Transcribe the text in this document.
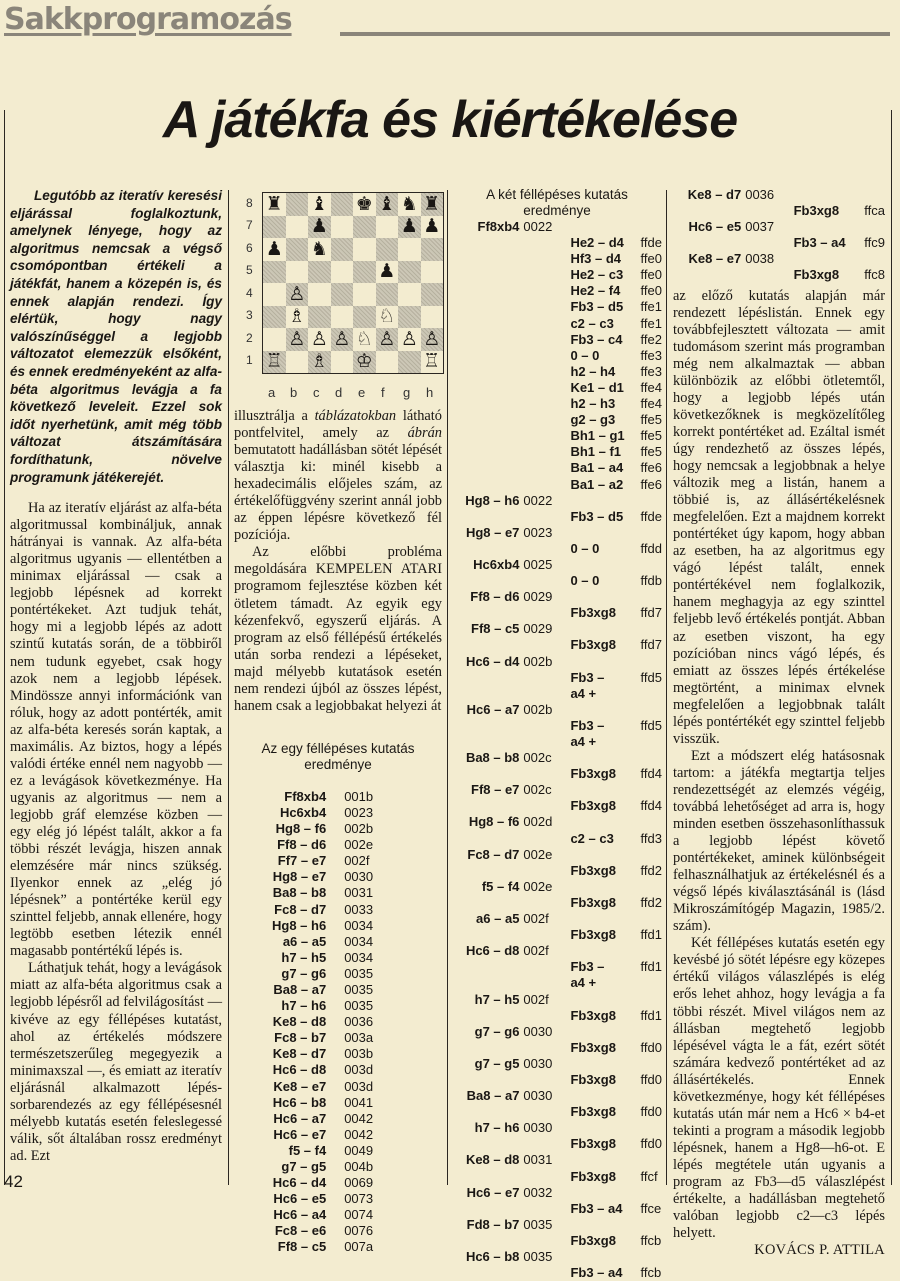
Sakkprogramozás
A játékfa és kiértékelése
Legutóbb az iteratív keresési eljárással foglalkoztunk, amelynek lényege, hogy az algoritmus nemcsak a végső csomópontban értékeli a játékfát, hanem a közepén is, és ennek alapján rendezi. Így elértük, hogy nagy valószínűséggel a legjobb változatot elemezzük elsőként, és ennek eredményeként az alfa-béta algoritmus levágja a fa következő leveleit. Ezzel sok időt nyerhetünk, amit még több változat átszámítására fordíthatunk, növelve programunk játékerejét.

Ha az iteratív eljárást az alfa-béta algoritmussal kombináljuk, annak hátrányai is vannak. Az alfa-béta algoritmus ugyanis — ellentétben a minimax eljárással — csak a legjobb lépésnek ad korrekt pontértékeket. Azt tudjuk tehát, hogy mi a legjobb lépés az adott szintű kutatás során, de a többiről nem tudunk egyebet, csak hogy azok nem a legjobb lépések. Mindössze annyi információnk van róluk, hogy az adott pontérték, amit az alfa-béta keresés során kaptak, a maximális. Az biztos, hogy a lépés valódi értéke ennél nem nagyobb — ez a levágások következménye. Ha ugyanis az algoritmus — nem a legjobb gráf elemzése közben — egy elég jó lépést talált, akkor a fa többi részét levágja, hiszen annak elemzésére már nincs szükség. Ilyenkor ennek az „elég jó lépésnek” a pontértéke kerül egy szinttel feljebb, annak ellenére, hogy legtöbb esetben létezik ennél magasabb pontértékű lépés is.

Láthatjuk tehát, hogy a levágások miatt az alfa-béta algoritmus csak a legjobb lépésről ad felvilágosítást — kivéve az egy féllépéses kutatást, ahol az értékelés módszere természetszerűleg megegyezik a minimaxszal —, és emiatt az iteratív eljárásnál alkalmazott lépés-sorbarendezés az egy féllépésesnél mélyebb kutatás esetén feleslegessé válik, sőt általában rossz eredményt ad. Ezt

8
7
6
5
4
3
2
1
♜ ♝ ♚ ♝ ♞ ♜
♟	♟ ♟
♟ ♞
♟
♙
♗	♘
♙ ♙ ♙ ♘ ♙ ♙ ♙
♖ ♗ ♔	♖
a b c d e f g h

illusztrálja a táblázatokban látható pontfelvitel, amely az ábrán bemutatott hadállásban sötét lépését választja ki: minél kisebb a hexadecimális előjeles szám, az értékelőfüggvény szerint annál jobb az éppen lépésre következő fél pozíciója.

Az előbbi probléma megoldására KEMPELEN ATARI programom fejlesztése közben két ötletem támadt. Az egyik egy kézenfekvő, egyszerű eljárás. A program az első féllépésű értékelés után sorba rendezi a lépéseket, majd mélyebb kutatások esetén nem rendezi újból az összes lépést, hanem csak a legjobbakat helyezi át

Az egy féllépéses kutatás eredménye
Ff8xb4	001b
Hc6xb4	0023
Hg8 – f6	002b
Ff8 – d6	002e
Ff7 – e7	002f
Hg8 – e7	0030
Ba8 – b8	0031
Fc8 – d7	0033
Hg8 – h6	0034
a6 – a5	0034
h7 – h5	0034
g7 – g6	0035
Ba8 – a7	0035
h7 – h6	0035
Ke8 – d8	0036
Fc8 – b7	003a
Ke8 – d7	003b
Hc6 – d8	003d
Ke8 – e7	003d
Hc6 – b8	0041
Hc6 – a7	0042
Hc6 – e7	0042
f5 – f4	0049
g7 – g5	004b
Hc6 – d4	0069
Hc6 – e5	0073
Hc6 – a4	0074
Fc8 – e6	0076
Ff8 – c5	007a
A két féllépéses kutatás eredménye
Ff8xb4	0022		
		He2 – d4	ffde
		Hf3 – d4	ffe0
		He2 – c3	ffe0
		He2 – f4	ffe0
		Fb3 – d5	ffe1
		c2 – c3	ffe1
		Fb3 – c4	ffe2
		0 – 0	ffe3
		h2 – h4	ffe3
		Ke1 – d1	ffe4
		h2 – h3	ffe4
		g2 – g3	ffe5
		Bh1 – g1	ffe5
		Bh1 – f1	ffe5
		Ba1 – a4	ffe6
		Ba1 – a2	ffe6
Hg8 – h6	0022		
		Fb3 – d5	ffde
Hg8 – e7	0023		
		0 – 0	ffdd
Hc6xb4	0025		
		0 – 0	ffdb
Ff8 – d6	0029		
		Fb3xg8	ffd7
Ff8 – c5	0029		
		Fb3xg8	ffd7
Hc6 – d4	002b		
		Fb3 –	ffd5
		a4 +	
Hc6 – a7	002b		
		Fb3 –	ffd5
		a4 +	
Ba8 – b8	002c		
		Fb3xg8	ffd4
Ff8 – e7	002c		
		Fb3xg8	ffd4
Hg8 – f6	002d		
		c2 – c3	ffd3
Fc8 – d7	002e		
		Fb3xg8	ffd2
f5 – f4	002e		
		Fb3xg8	ffd2
a6 – a5	002f		
		Fb3xg8	ffd1
Hc6 – d8	002f		
		Fb3 –	ffd1
		a4 +	
h7 – h5	002f		
		Fb3xg8	ffd1
g7 – g6	0030		
		Fb3xg8	ffd0
g7 – g5	0030		
		Fb3xg8	ffd0
Ba8 – a7	0030		
		Fb3xg8	ffd0
h7 – h6	0030		
		Fb3xg8	ffd0
Ke8 – d8	0031		
		Fb3xg8	ffcf
Hc6 – e7	0032		
		Fb3 – a4	ffce
Fd8 – b7	0035		
		Fb3xg8	ffcb
Hc6 – b8	0035		
		Fb3 – a4	ffcb
Ke8 – d7	0036		
		Fb3xg8	ffca
Hc6 – e5	0037		
		Fb3 – a4	ffc9
Ke8 – e7	0038		
		Fb3xg8	ffc8

az előző kutatás alapján már rendezett lépéslistán. Ennek egy továbbfejlesztett változata — amit tudomásom szerint más programban még nem alkalmaztak — abban különbözik az előbbi ötletemtől, hogy a legjobb lépés után következőknek is megközelítőleg korrekt pontértéket ad. Ezáltal ismét úgy rendezhető az összes lépés, hogy nemcsak a legjobbnak a helye változik meg a listán, hanem a többié is, az állásértékelésnek megfelelően. Ezt a majdnem korrekt pontértéket úgy kapom, hogy abban az esetben, ha az algoritmus egy vágó lépést talált, ennek pontértékével nem foglalkozik, hanem meghagyja az egy szinttel feljebb levő értékelés pontját. Abban az esetben viszont, ha egy pozícióban nincs vágó lépés, és emiatt az összes lépés értékelése megtörtént, a minimax elvnek megfelelően a legjobbnak talált lépés pontértékét egy szinttel feljebb visszük.

Ezt a módszert elég hatásosnak tartom: a játékfa megtartja teljes rendezettségét az elemzés végéig, továbbá lehetőséget ad arra is, hogy minden esetben összehasonlíthassuk a legjobb lépést követő pontértékeket, aminek különbségeit felhasználhatjuk az értékelésnél és a végső lépés kiválasztásánál is (lásd Mikroszámítógép Magazin, 1985/2. szám).

Két féllépéses kutatás esetén egy kevésbé jó sötét lépésre egy közepes értékű világos válaszlépés is elég erős lehet ahhoz, hogy levágja a fa többi részét. Mivel világos nem az állásban megtehető legjobb lépésével vágta le a fát, ezért sötét számára kedvező pontértéket ad az állásértékelés. Ennek következménye, hogy két féllépéses kutatás után már nem a Hc6 × b4-et tekinti a program a második legjobb lépésnek, hanem a Hg8—h6-ot. E lépés megtétele után ugyanis a program az Fb3—d5 válaszlépést értékelte, a hadállásban megtehető valóban legjobb c2—c3 lépés helyett.

KOVÁCS P. ATTILA
42
